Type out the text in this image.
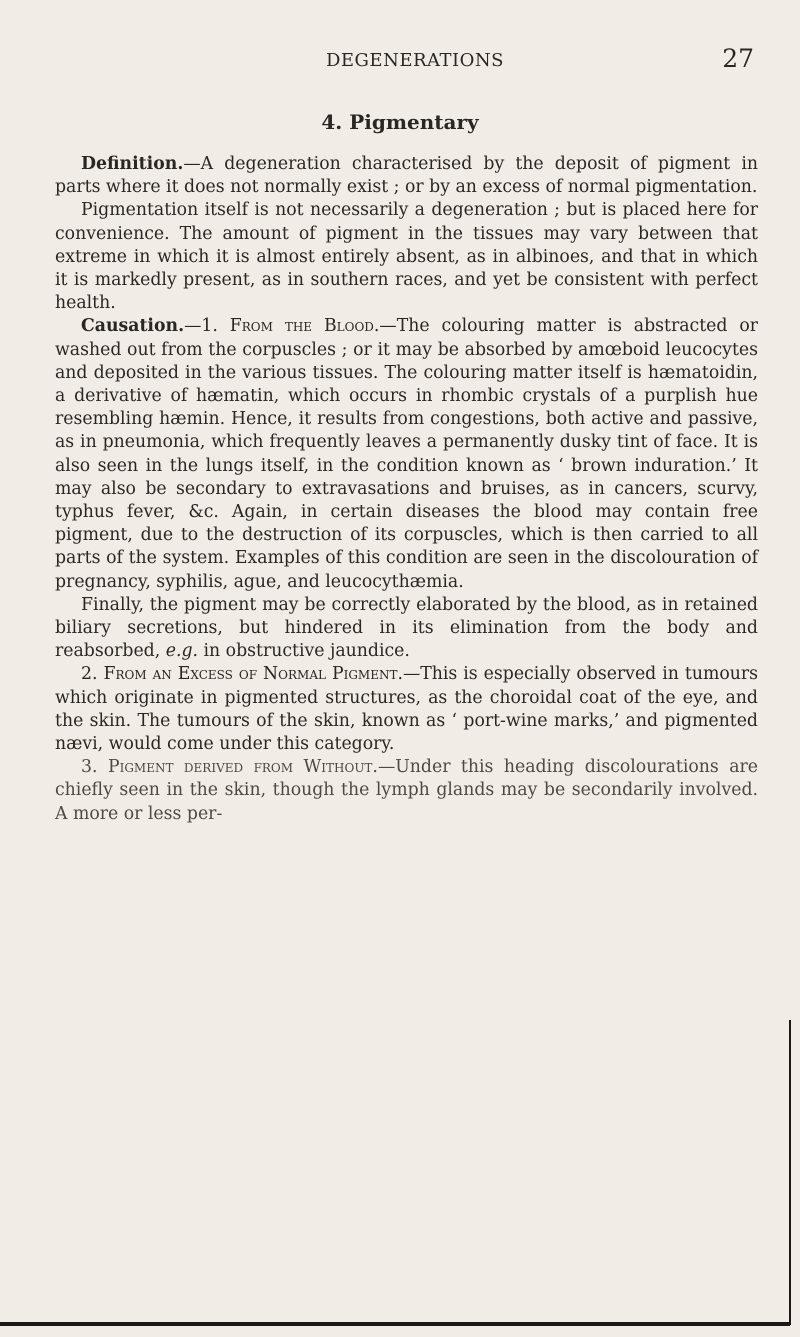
DEGENERATIONS	27
4. Pigmentary

Definition.—A degeneration characterised by the deposit of pigment in parts where it does not normally exist ; or by an excess of normal pigmentation.

Pigmentation itself is not necessarily a degeneration ; but is placed here for convenience. The amount of pigment in the tissues may vary between that extreme in which it is almost entirely absent, as in albinoes, and that in which it is markedly present, as in southern races, and yet be consistent with perfect health.

Causation.—1. From the Blood.—The colouring matter is abstracted or washed out from the corpuscles ; or it may be absorbed by amœboid leucocytes and deposited in the various tissues. The colouring matter itself is hæmatoidin, a derivative of hæmatin, which occurs in rhombic crystals of a purplish hue resembling hæmin. Hence, it results from congestions, both active and passive, as in pneumonia, which frequently leaves a permanently dusky tint of face. It is also seen in the lungs itself, in the condition known as ‘ brown induration.’ It may also be secondary to extravasations and bruises, as in cancers, scurvy, typhus fever, &c. Again, in certain diseases the blood may contain free pigment, due to the destruction of its corpuscles, which is then carried to all parts of the system. Examples of this condition are seen in the discolouration of pregnancy, syphilis, ague, and leucocythæmia.

Finally, the pigment may be correctly elaborated by the blood, as in retained biliary secretions, but hindered in its elimination from the body and reabsorbed, e.g. in obstructive jaundice.

2. From an Excess of Normal Pigment.—This is especially observed in tumours which originate in pigmented structures, as the choroidal coat of the eye, and the skin. The tumours of the skin, known as ‘ port-wine marks,’ and pigmented nævi, would come under this category.

3. Pigment derived from Without.—Under this heading discolourations are chiefly seen in the skin, though the lymph glands may be secondarily involved. A more or less per-
